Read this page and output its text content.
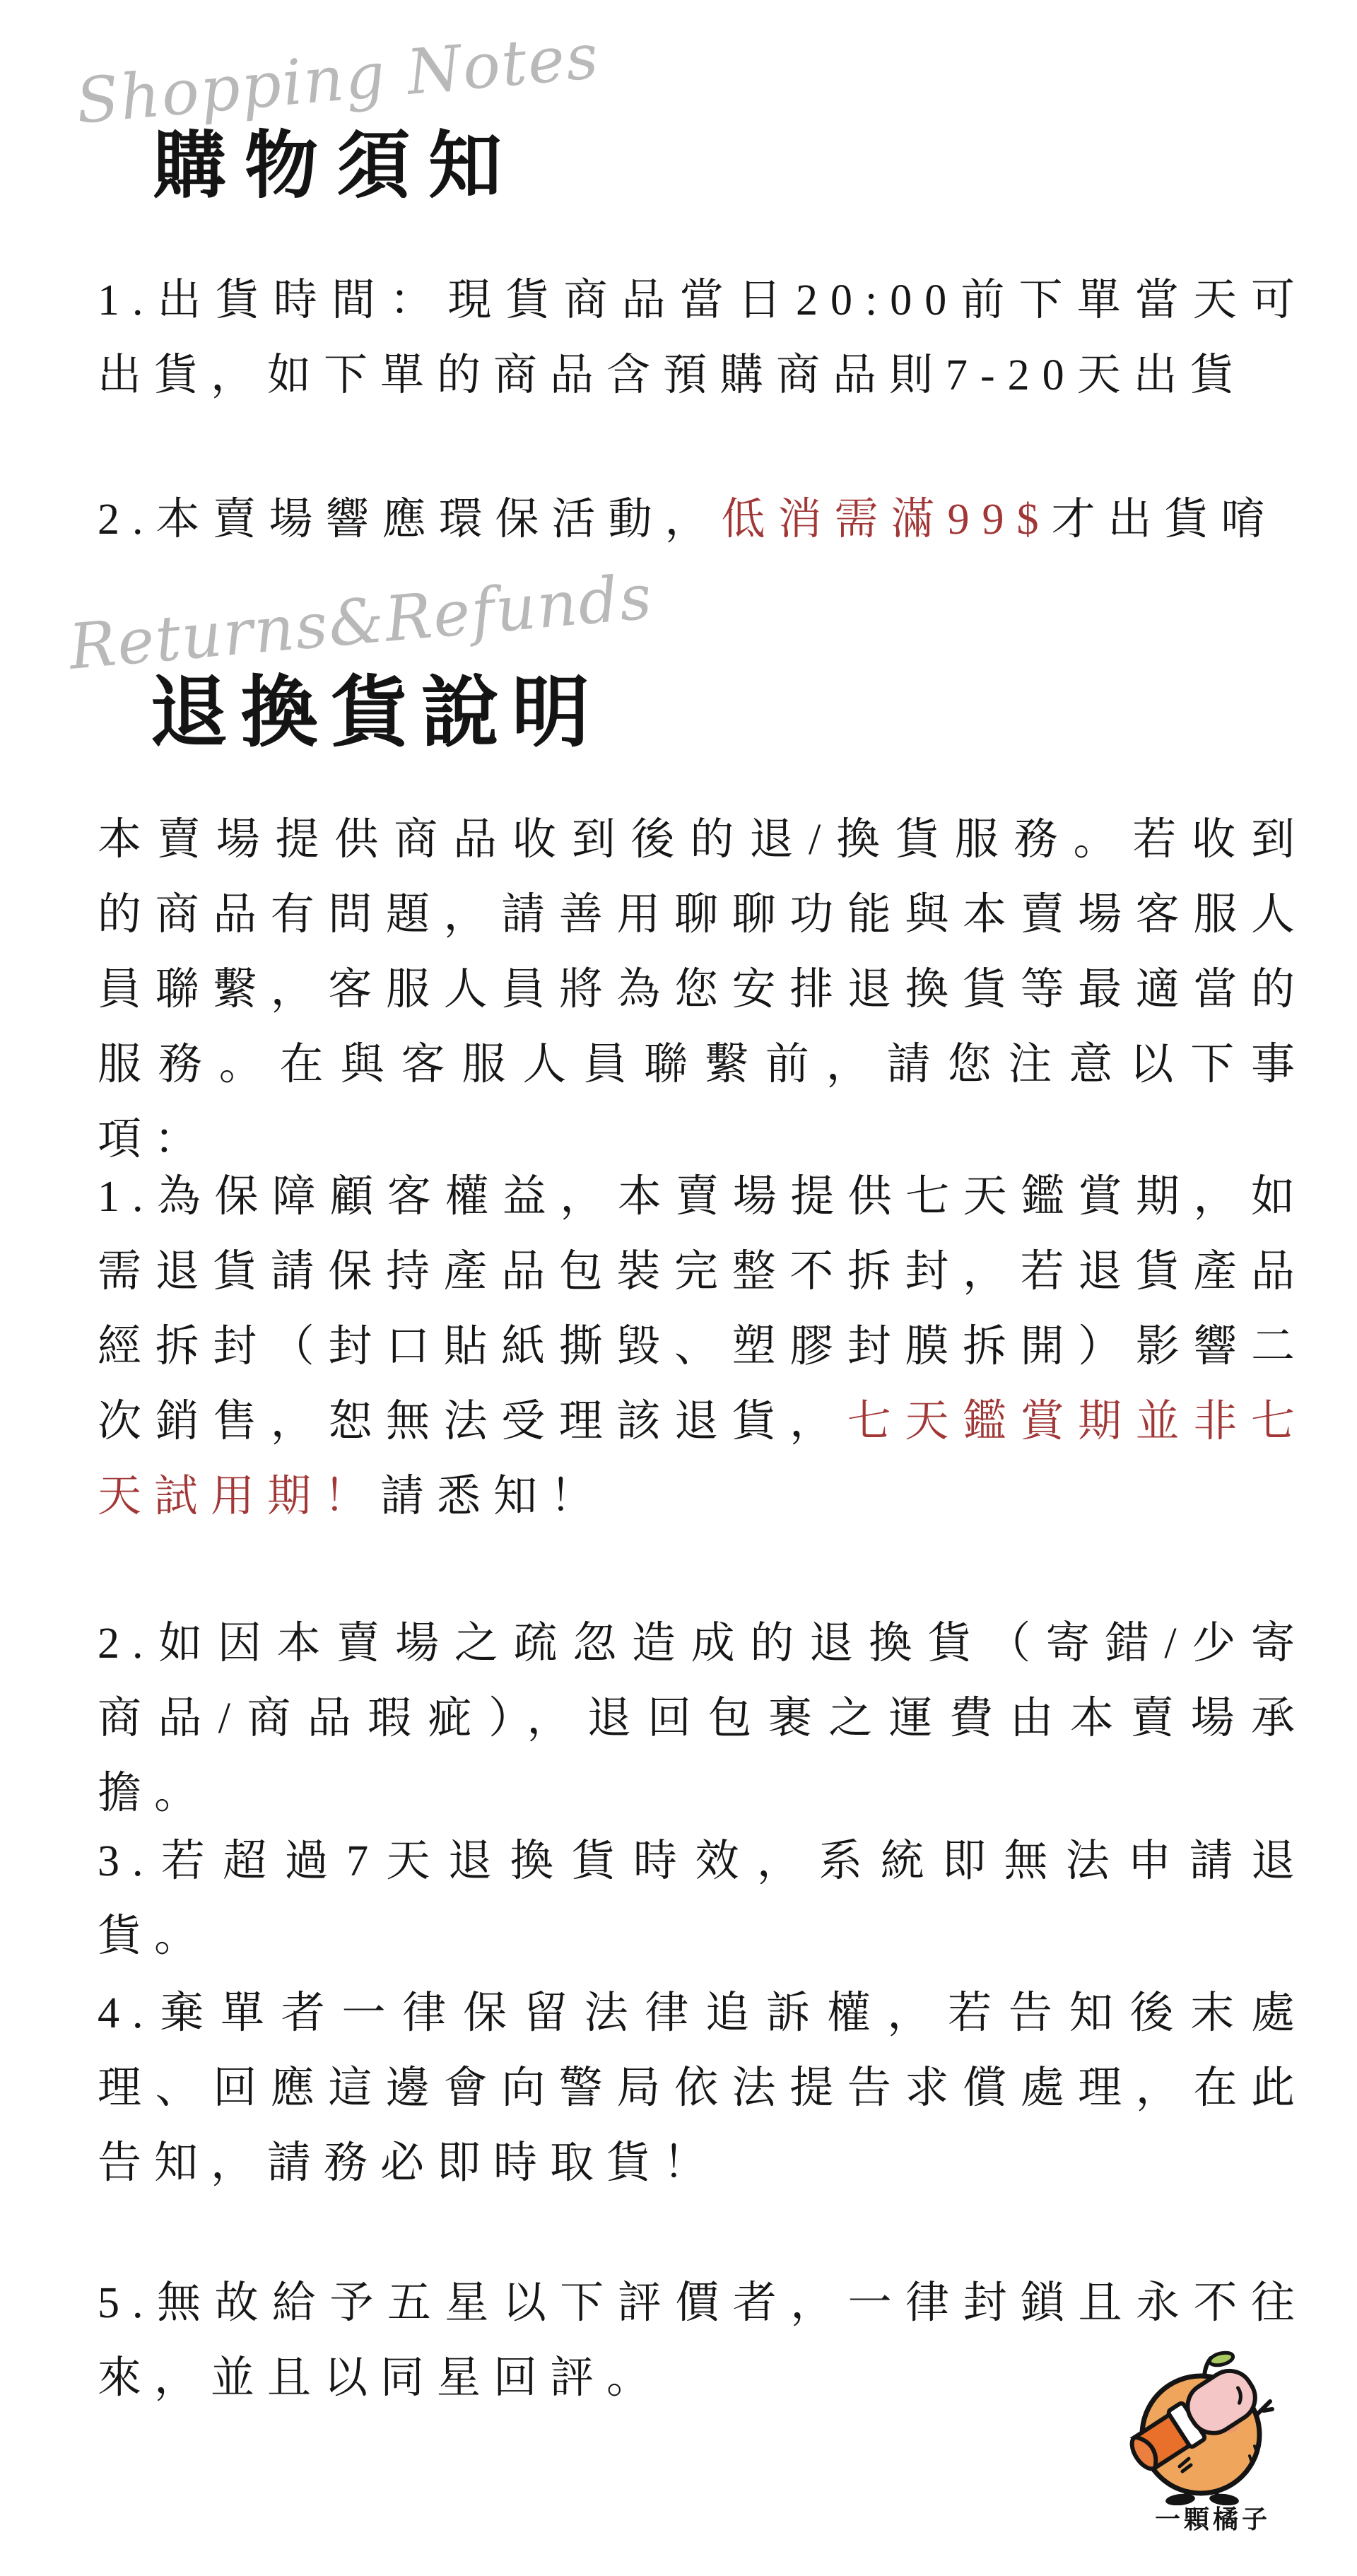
Shopping Notes
購物須知

1.出貨時間：現貨商品當日20:00前下單當天可出貨，如下單的商品含預購商品則7-20天出貨

2.本賣場響應環保活動，低消需滿99$才出貨唷

Returns&Refunds
退換貨說明

本賣場提供商品收到後的退/換貨服務。若收到的商品有問題，請善用聊聊功能與本賣場客服人員聯繫，客服人員將為您安排退換貨等最適當的服務。在與客服人員聯繫前，請您注意以下事項：

1.為保障顧客權益，本賣場提供七天鑑賞期，如需退貨請保持產品包裝完整不拆封，若退貨產品經拆封（封口貼紙撕毀、塑膠封膜拆開）影響二次銷售，恕無法受理該退貨，七天鑑賞期並非七天試用期！請悉知！

2.如因本賣場之疏忽造成的退換貨（寄錯/少寄商品/商品瑕疵），退回包裹之運費由本賣場承擔。

3.若超過7天退換貨時效，系統即無法申請退貨。

4.棄單者一律保留法律追訴權，若告知後末處理、回應這邊會向警局依法提告求償處理，在此告知，請務必即時取貨！

5.無故給予五星以下評價者，一律封鎖且永不往來，並且以同星回評。

一顆橘子
